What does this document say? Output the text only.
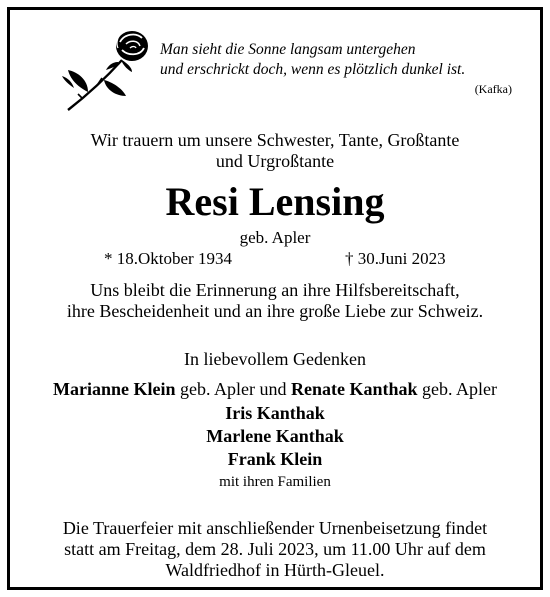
Man sieht die Sonne langsam untergehen
und erschrickt doch, wenn es plötzlich dunkel ist.
(Kafka)
Wir trauern um unsere Schwester, Tante, Großtante
und Urgroßtante
Resi Lensing
geb. Apler
* 18.Oktober 1934	† 30.Juni 2023
Uns bleibt die Erinnerung an ihre Hilfsbereitschaft,
ihre Bescheidenheit und an ihre große Liebe zur Schweiz.
In liebevollem Gedenken
Marianne Klein geb. Apler und Renate Kanthak geb. Apler
Iris Kanthak
Marlene Kanthak
Frank Klein
mit ihren Familien
Die Trauerfeier mit anschließender Urnenbeisetzung findet
statt am Freitag, dem 28. Juli 2023, um 11.00 Uhr auf dem
Waldfriedhof in Hürth-Gleuel.
